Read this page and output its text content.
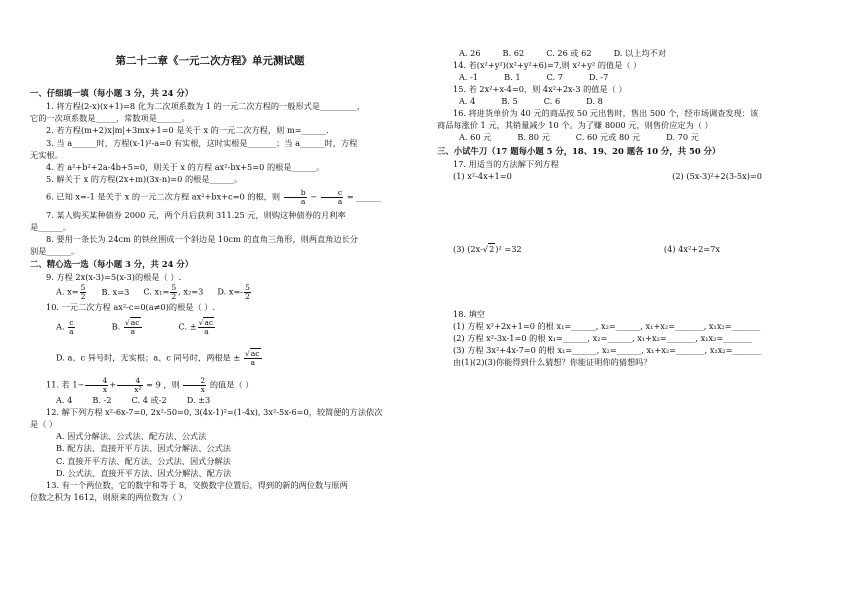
第二十二章《一元二次方程》单元测试题
一、仔细填一填（每小题 3 分，共 24 分）
1. 将方程(2-x)(x+1)=8 化为二次项系数为 1 的一元二次方程的一般形式是_________，
它的一次项系数是_____，常数项是______。
2. 若方程(m+2)x|m|+3mx+1=0 是关于 x 的一元二次方程，则 m=______.
3. 当 a______时，方程(x-1)²-a=0 有实根，这时实根是_______；当 a______时，方程
无实根。
4. 若 a²+b²+2a-4b+5=0，则关于 x 的方程 ax²-bx+5=0 的根是______。
5. 解关于 x 的方程(2x+m)(3x-n)=0 的根是______。
6. 已知 x=-1 是关于 x 的一元二次方程 ax²+bx+c=0 的根，则 $\frac{b}{a} - \frac{c}{a}$ = ______
7. 某人购买某种债券 2000 元，两个月后获利 311.25 元，则购这种债券的月利率
是______。
8. 要用一条长为 24cm 的铁丝围成一个斜边是 10cm 的直角三角形，则两直角边长分
别是______。
二、精心选一选（每小题 3 分，共 24 分）
9. 方程 2x(x-3)=5(x-3)的根是（ ）.
A. $x= \frac{5}{2} B$. x=3 C. $x_1= \frac{5}{2}$ , x₂=3 D. $x=- \frac{5}{2}$
10. 一元二次方程 ax²-c=0(a≠0)的根是（ ）.
A. $\frac{c}{a}$	B. $\frac{√ac}{a}$	C. ± $\frac{√ac}{a}$
D. a、c 异号时，无实根；a、c 同号时，两根是 ± $\frac{√ac}{a}$
11. 若 $1- \frac{4}{x} + \frac{4}{\text{x²}} = 9$ ，则 $\frac{2}{x}$ 的值是（ ）
A. 4 B. -2 C. 4 或-2 D. ±3
12. 解下列方程 x²-6x-7=0, 2x²-50=0, 3(4x-1)²=(1-4x), 3x²-5x-6=0，较简便的方法依次
是（ ）
A. 因式分解法、公式法、配方法、公式法
B. 配方法、直接开平方法、因式分解法、公式法
C. 直接开平方法、配方法、公式法、因式分解法
D. 公式法、直接开平方法、因式分解法、配方法
13. 有一个两位数，它的数字和等于 8，交换数字位置后，得到的新的两位数与原两
位数之积为 1612，则原来的两位数为（ ）
A. 26	B. 62	C. 26 或 62	D. 以上均不对
14. 若(x²+y²)(x²+y²+6)=7,则 x²+y² 的值是（ ）
A. -1	B. 1	C. 7	D. -7
15. 若 2x²+x-4=0，则 4x²+2x-3 的值是（ ）
A. 4	B. 5	C. 6	D. 8
16. 将进货单价为 40 元的商品按 50 元出售时，售出 500 个，经市场调查发现：该
商品每涨价 1 元，其销量减少 10 个。为了赚 8000 元，则售价应定为（ ）
A. 60 元	B. 80 元	C. 60 元或 80 元	D. 70 元
三、小试牛刀（17 题每小题 5 分，18、19、20 题各 10 分，共 50 分）
17. 用适当的方法解下列方程
(1) x²-4x+1=0	(2) (5x-3)²+2(3-5x)=0
(3) (2x-√2)² =32	(4) 4x²+2=7x
18. 填空
(1) 方程 x²+2x+1=0 的根 x₁=______, x₂=______, x₁+x₂=_______, x₁x₂=_______
(2) 方程 x²-3x-1=0 的根 x₁=______, x₂=______, x₁+x₂=_______, x₁x₂=_______
(3) 方程 3x²+4x-7=0 的根 x₁=______, x₂=______, x₁+x₂=_______, x₁x₂=_______
由(1)(2)(3)你能得到什么猜想？你能证明你的猜想吗？
